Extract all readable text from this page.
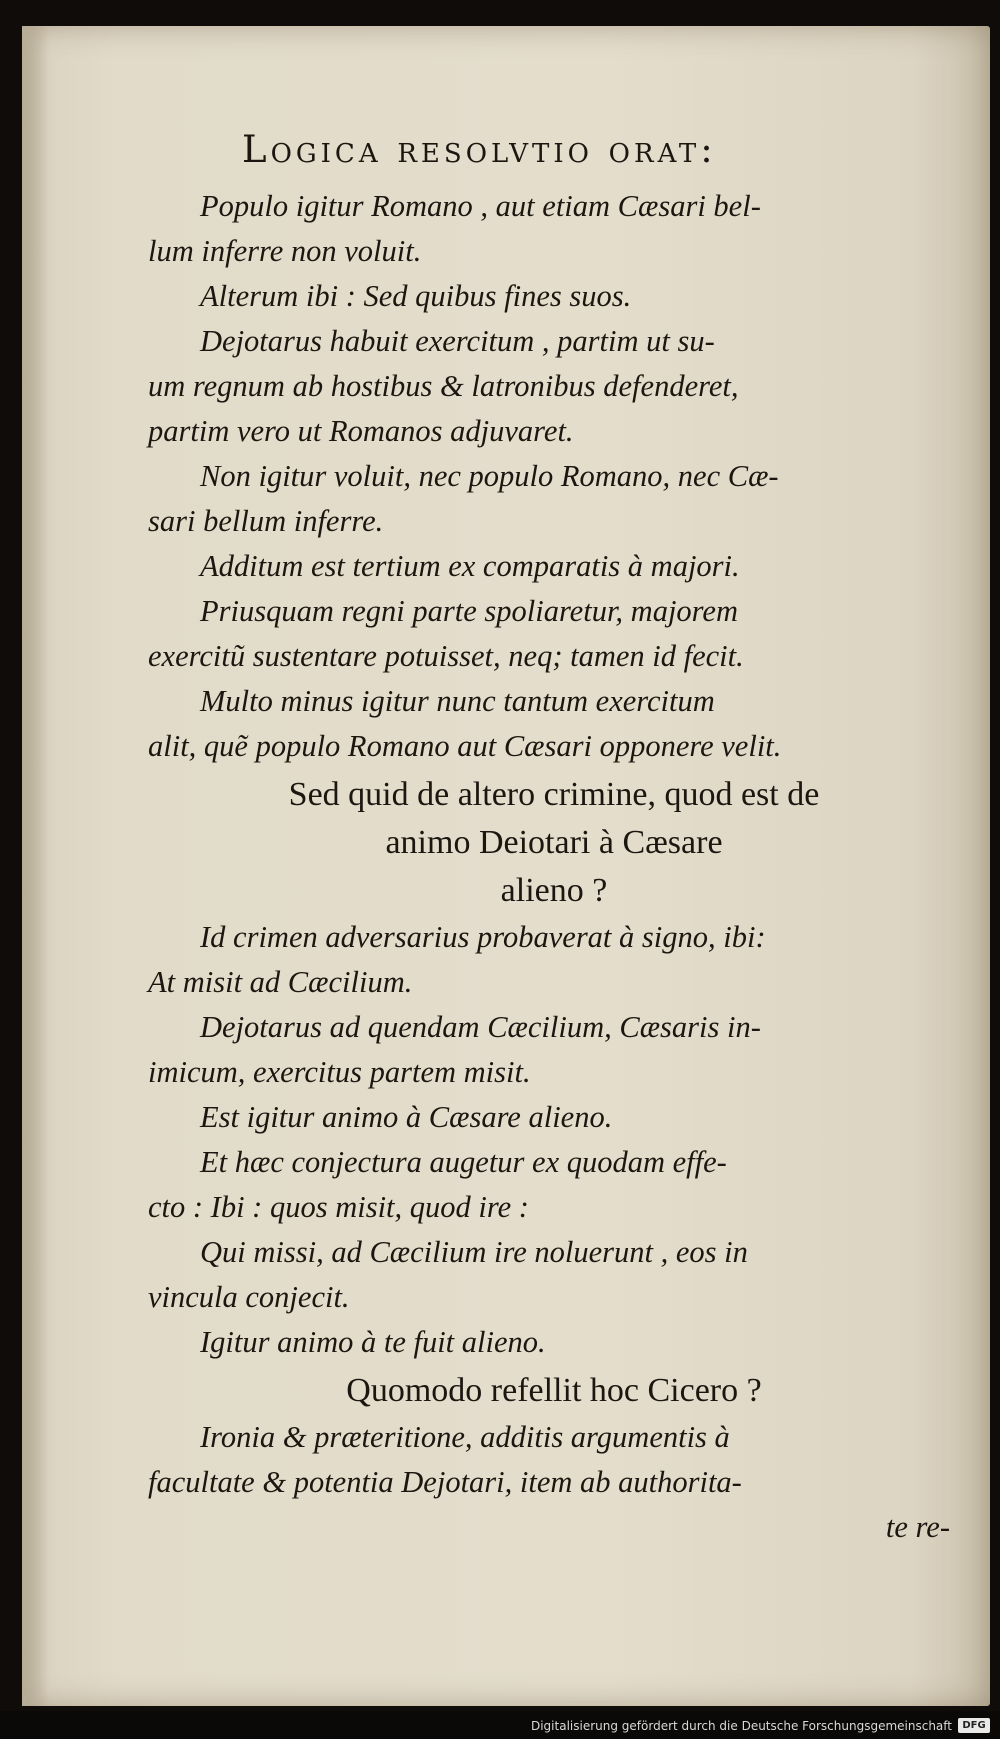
Logica resolvtio orat:
Populo igitur Romano , aut etiam Cæsari bel-
lum inferre non voluit.
Alterum ibi : Sed quibus fines suos.
Dejotarus habuit exercitum , partim ut su-
um regnum ab hostibus & latronibus defenderet,
partim vero ut Romanos adjuvaret.
Non igitur voluit, nec populo Romano, nec Cæ-
sari bellum inferre.
Additum est tertium ex comparatis à majori.
Priusquam regni parte spoliaretur, majorem
exercitũ sustentare potuisset, neq; tamen id fecit.
Multo minus igitur nunc tantum exercitum
alit, quẽ populo Romano aut Cæsari opponere velit.
Sed quid de altero crimine, quod est de
animo Deiotari à Cæsare
alieno ?
Id crimen adversarius probaverat à signo, ibi:
At misit ad Cæcilium.
Dejotarus ad quendam Cæcilium, Cæsaris in-
imicum, exercitus partem misit.
Est igitur animo à Cæsare alieno.
Et hæc conjectura augetur ex quodam effe-
cto : Ibi : quos misit, quod ire :
Qui missi, ad Cæcilium ire noluerunt , eos in
vincula conjecit.
Igitur animo à te fuit alieno.
Quomodo refellit hoc Cicero ?
Ironia & præteritione, additis argumentis à
facultate & potentia Dejotari, item ab authorita-
te re-
Digitalisierung gefördert durch die Deutsche Forschungsgemeinschaft	DFG
